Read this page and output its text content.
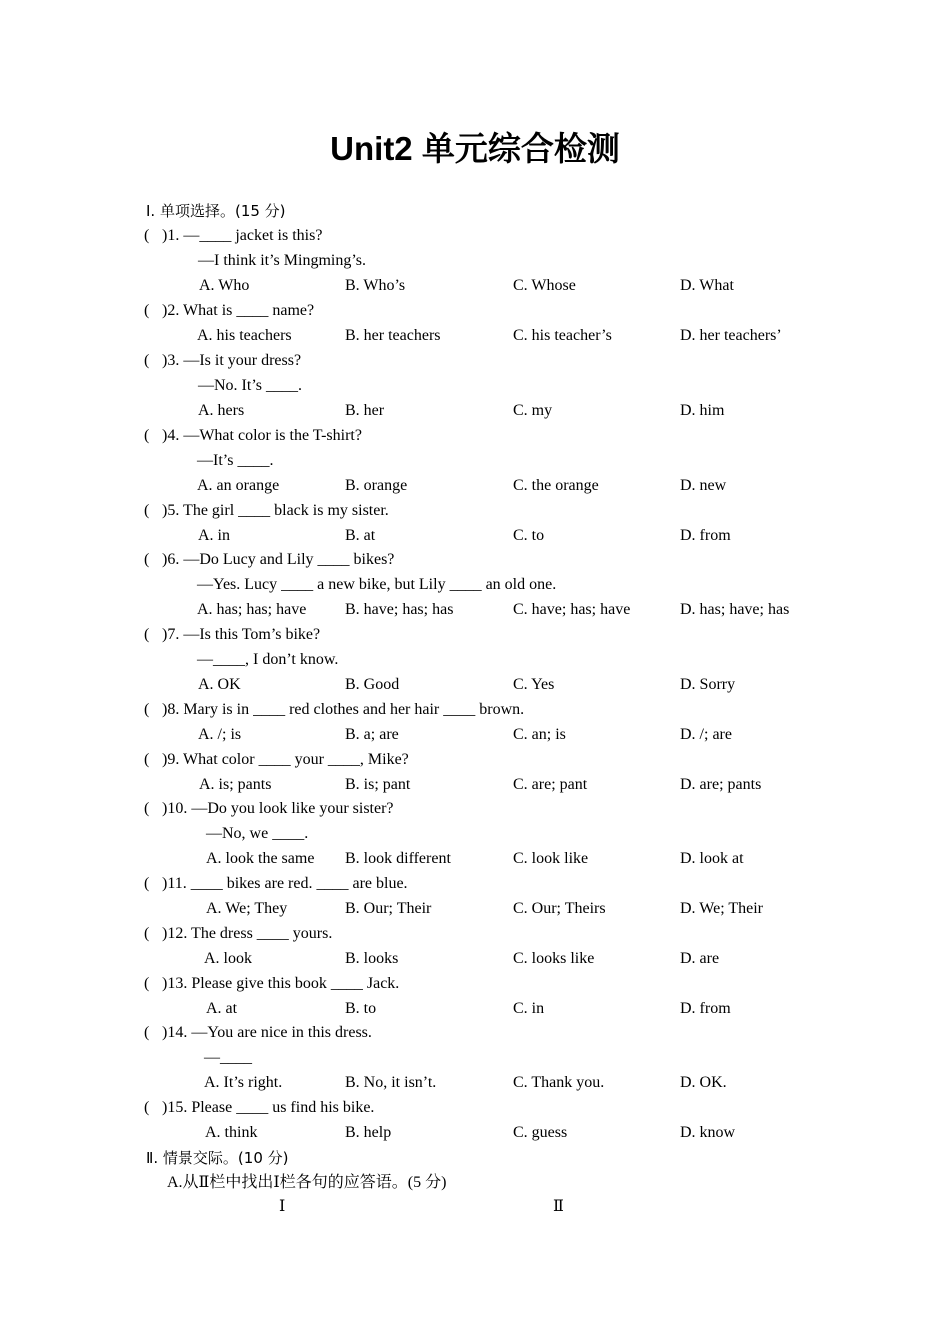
Unit2 单元综合检测
Ⅰ. 单项选择。(15 分)
( )1. —____ jacket is this?
—I think it’s Mingming’s.
A. Who	B. Who’s	C. Whose	D. What
( )2. What is ____ name?
A. his teachers	B. her teachers	C. his teacher’s	D. her teachers’
( )3. —Is it your dress?
—No. It’s ____.
A. hers	B. her	C. my	D. him
( )4. —What color is the T-shirt?
—It’s ____.
A. an orange	B. orange	C. the orange	D. new
( )5. The girl ____ black is my sister.
A. in	B. at	C. to	D. from
( )6. —Do Lucy and Lily ____ bikes?
—Yes. Lucy ____ a new bike, but Lily ____ an old one.
A. has; has; have B. have; has; has	C. have; has; have	D. has; have; has
( )7. —Is this Tom’s bike?
—____, I don’t know.
A. OK	B. Good	C. Yes	D. Sorry
( )8. Mary is in ____ red clothes and her hair ____ brown.
A. /; is	B. a; are	C. an; is	D. /; are
( )9. What color ____ your ____, Mike?
A. is; pants	B. is; pant	C. are; pant	D. are; pants
( )10. —Do you look like your sister?
—No, we ____.
A. look the same B. look different	C. look like	D. look at
( )11. ____ bikes are red. ____ are blue.
A. We; They	B. Our; Their	C. Our; Theirs	D. We; Their
( )12. The dress ____ yours.
A. look	B. looks	C. looks like	D. are
( )13. Please give this book ____ Jack.
A. at	B. to	C. in	D. from
( )14. —You are nice in this dress.
—____
A. It’s right.	B. No, it isn’t.	C. Thank you.	D. OK.
( )15. Please ____ us find his bike.
A. think	B. help	C. guess	D. know
Ⅱ. 情景交际。(10 分)
A.从Ⅱ栏中找出Ⅰ栏各句的应答语。(5 分)
Ⅰ	Ⅱ
